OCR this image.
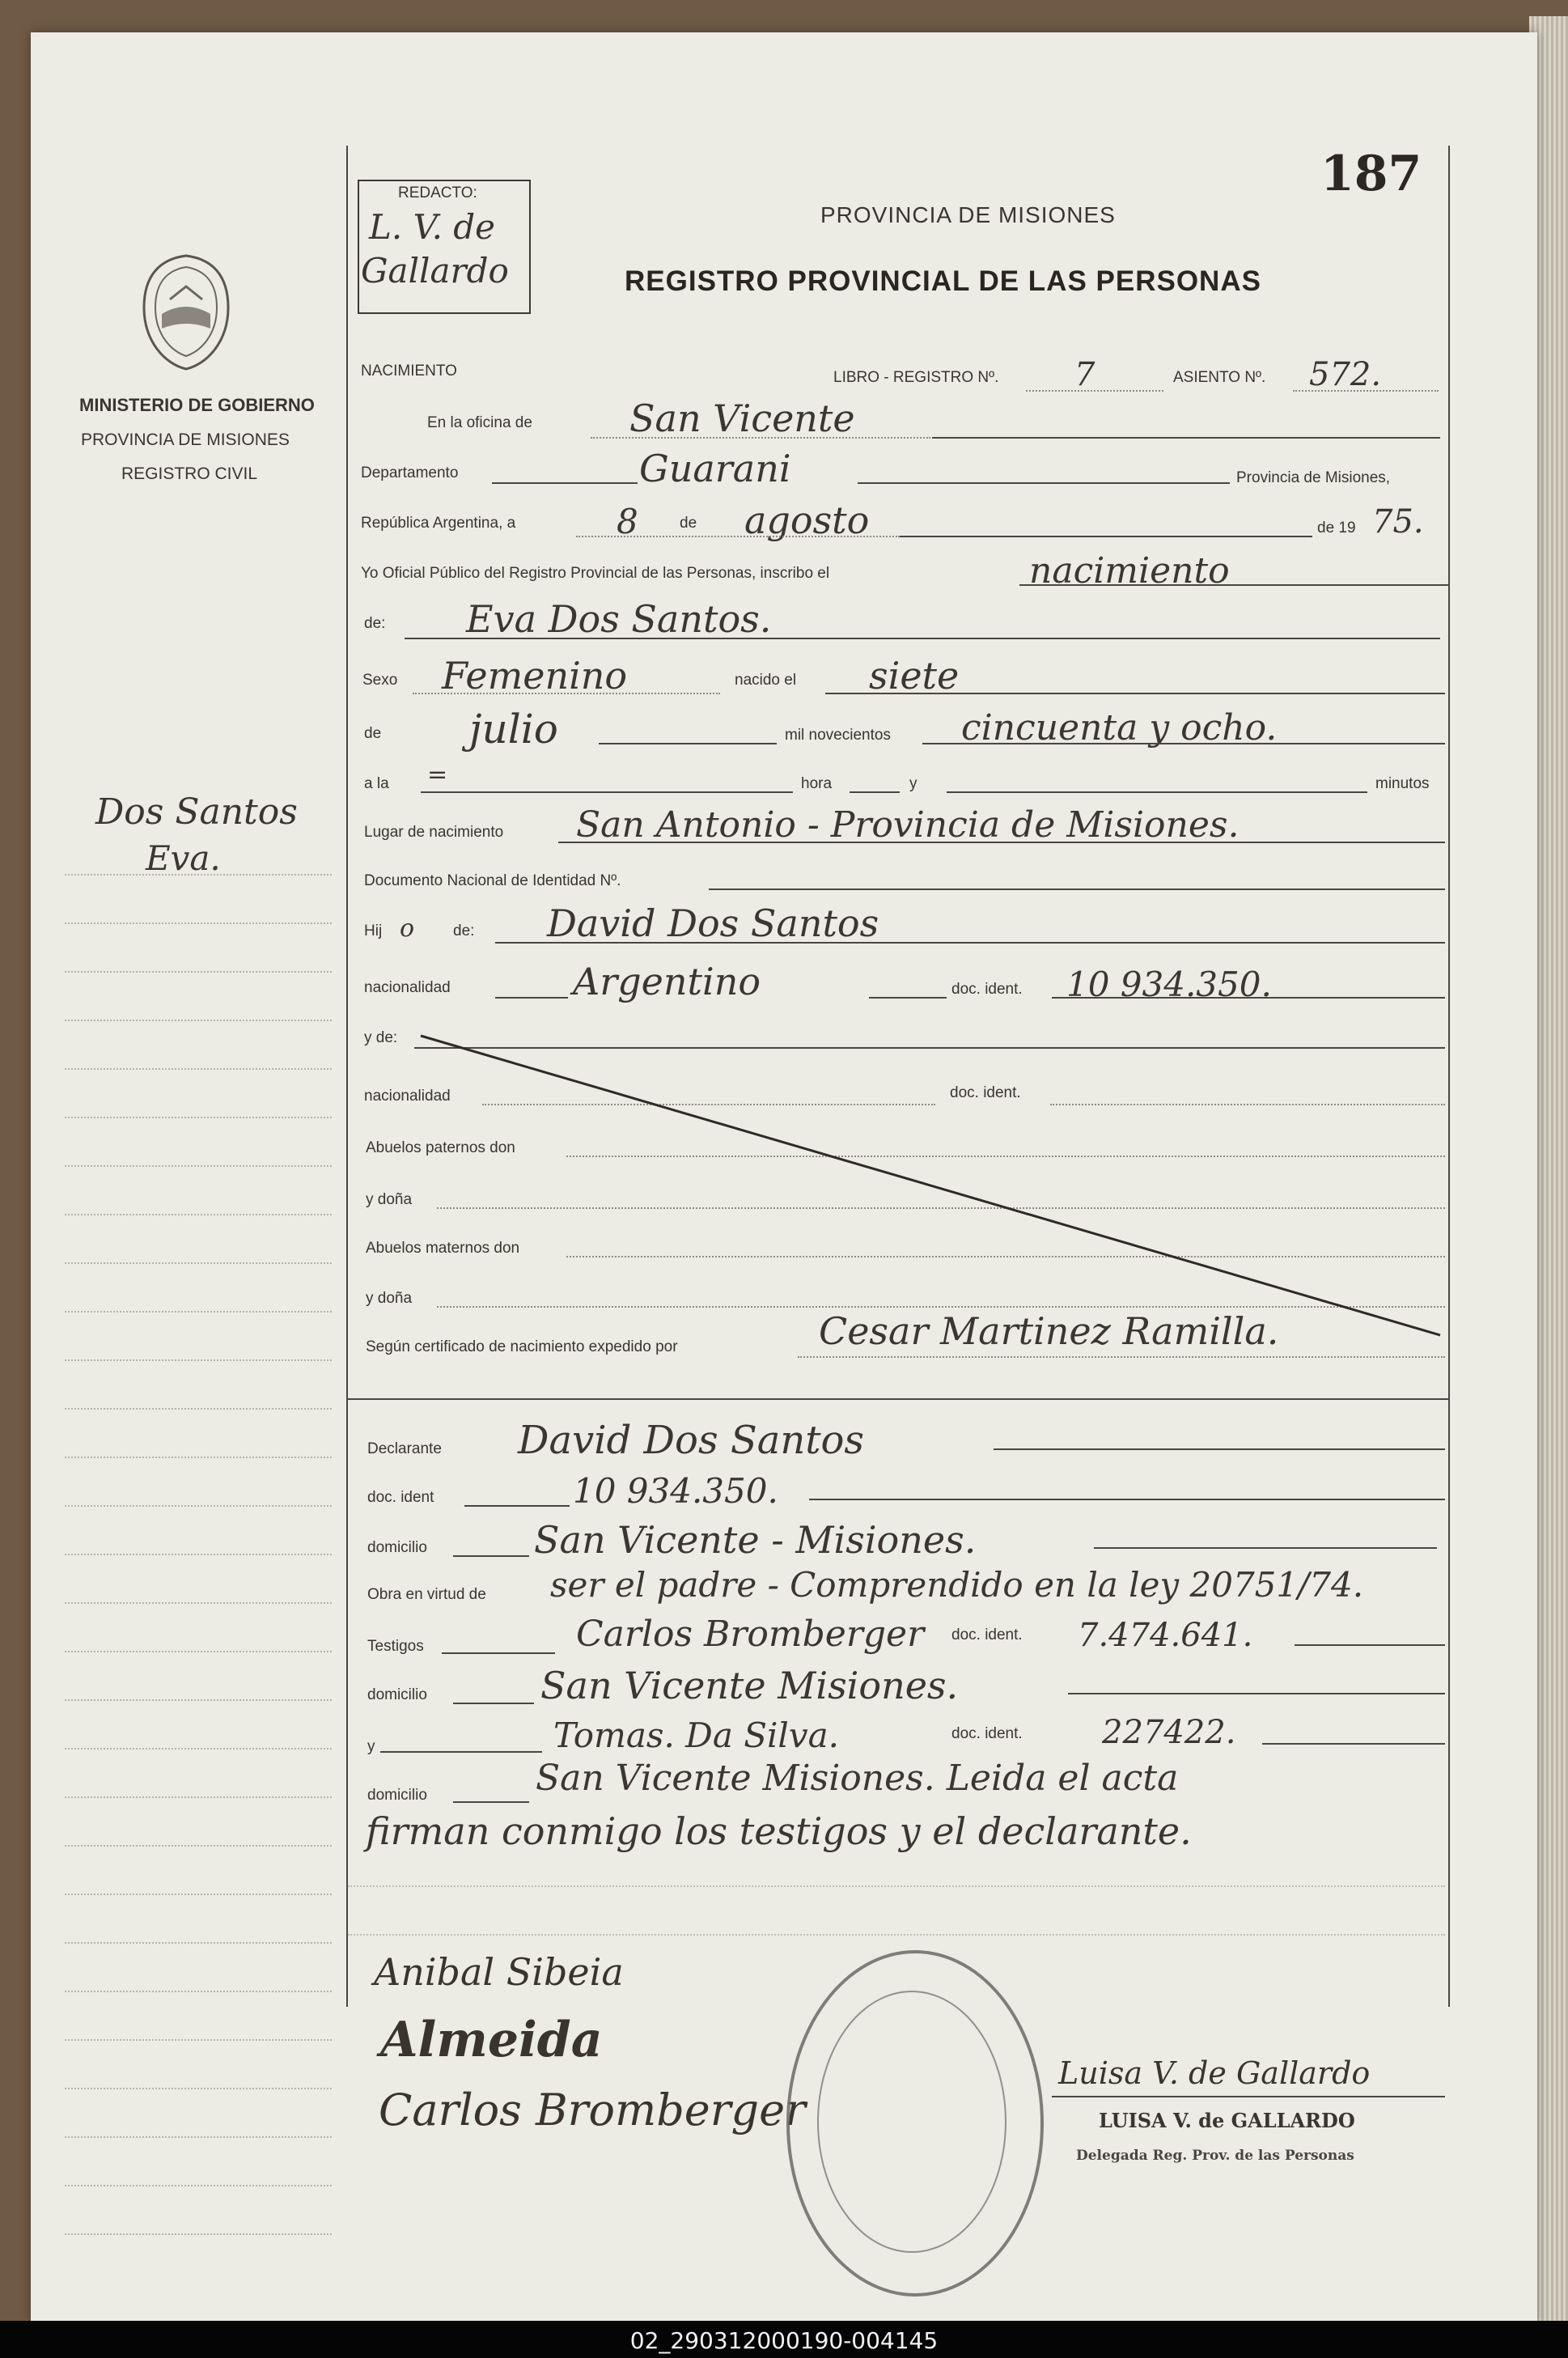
MINISTERIO DE GOBIERNO
PROVINCIA DE MISIONES
REGISTRO CIVIL
Dos Santos
Eva.
187
REDACTO:
L. V. de
Gallardo
PROVINCIA DE MISIONES
REGISTRO PROVINCIAL DE LAS PERSONAS
NACIMIENTO	LIBRO - REGISTRO Nº. 7	ASIENTO Nº. 572.
En la oficina de	San Vicente
Departamento	Guarani	Provincia de Misiones,
República Argentina, a	8	de agosto	de 19 75.
Yo Oficial Público del Registro Provincial de las Personas, inscribo el	nacimiento
de: Eva Dos Santos.
Sexo Femenino	nacido el siete
de julio	mil novecientos cincuenta y ocho.
a la =	hora	y	minutos
Lugar de nacimiento San Antonio - Provincia de Misiones.
Documento Nacional de Identidad Nº.
Hij o	de: David Dos Santos
nacionalidad	Argentino	doc. ident. 10 934.350.
y de:
nacionalidad	doc. ident.
Abuelos paternos don
y doña
Abuelos maternos don
y doña
Según certificado de nacimiento expedido por	Cesar Martinez Ramilla.
Declarante David Dos Santos
doc. ident	10 934.350.
domicilio	San Vicente - Misiones.
Obra en virtud de ser el padre - Comprendido en la ley 20751/74.
Testigos	Carlos Bromberger doc. ident. 7.474.641.
domicilio	San Vicente Misiones.
y	Tomas. Da Silva.	doc. ident. 227422.
domicilio	San Vicente Misiones. Leida el acta
firman conmigo los testigos y el declarante.
Anibal Sibeia
Almeida
Carlos Bromberger
Luisa V. de Gallardo
LUISA V. de GALLARDO
Delegada Reg. Prov. de las Personas
02_290312000190-004145
